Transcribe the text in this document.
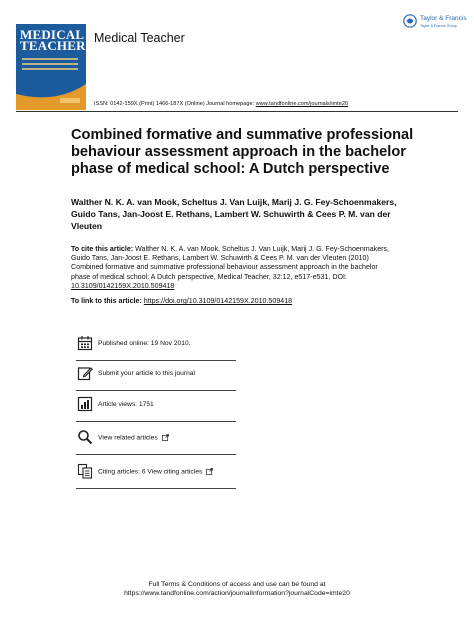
MEDICAL
TEACHER Medical Teacher
Taylor & Francis
Taylor & Francis Group
ISSN: 0142-159X (Print) 1466-187X (Online) Journal homepage: www.tandfonline.com/journals/imte20
Combined formative and summative professional behaviour assessment approach in the bachelor phase of medical school: A Dutch perspective
Walther N. K. A. van Mook, Scheltus J. Van Luijk, Marij J. G. Fey-Schoenmakers, Guido Tans, Jan-Joost E. Rethans, Lambert W. Schuwirth & Cees P. M. van der Vleuten
To cite this article: Walther N. K. A. van Mook, Scheltus J. Van Luijk, Marij J. G. Fey-Schoenmakers, Guido Tans, Jan-Joost E. Rethans, Lambert W. Schuwirth & Cees P. M. van der Vleuten (2010) Combined formative and summative professional behaviour assessment approach in the bachelor phase of medical school: A Dutch perspective, Medical Teacher, 32:12, e517-e531, DOI: 10.3109/0142159X.2010.509418
To link to this article: https://doi.org/10.3109/0142159X.2010.509418
Published online: 19 Nov 2010.
Submit your article to this journal
Article views: 1751
View related articles
Citing articles: 6 View citing articles
Full Terms & Conditions of access and use can be found at
https://www.tandfonline.com/action/journalInformation?journalCode=imte20
